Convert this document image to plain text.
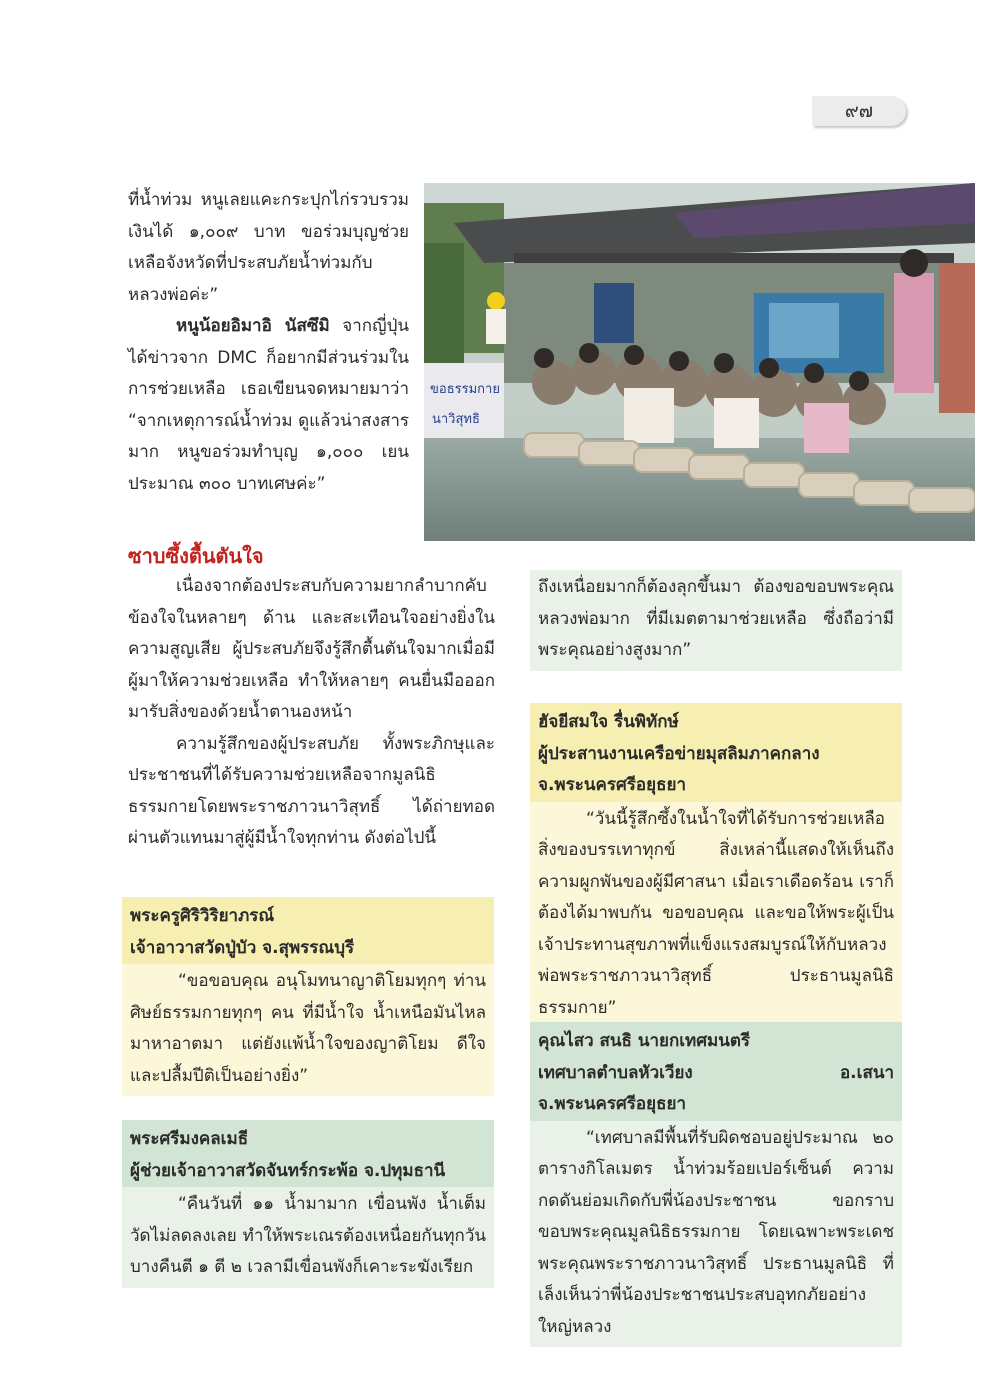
๙๗

ที่น้ำท่วม หนูเลยแคะกระปุกไก่รวบรวมเงินได้ ๑,๐๐๙ บาท ขอร่วมบุญช่วยเหลือจังหวัดที่ประสบภัยน้ำท่วมกับหลวงพ่อค่ะ”

หนูน้อยอิมาอิ นัสซึมิ จากญี่ปุ่นได้ข่าวจาก DMC ก็อยากมีส่วนร่วมในการช่วยเหลือ เธอเขียนจดหมายมาว่า “จากเหตุการณ์น้ำท่วม ดูแล้วน่าสงสารมาก หนูขอร่วมทำบุญ ๑,๐๐๐ เยน ประมาณ ๓๐๐ บาทเศษค่ะ”

ขอธรรมกาย
นาวิสุทธิ
ซาบซึ้งตื้นตันใจ

เนื่องจากต้องประสบกับความยากลำบากคับข้องใจในหลายๆ ด้าน และสะเทือนใจอย่างยิ่งในความสูญเสีย ผู้ประสบภัยจึงรู้สึกตื้นตันใจมากเมื่อมีผู้มาให้ความช่วยเหลือ ทำให้หลายๆ คนยื่นมือออกมารับสิ่งของด้วยน้ำตานองหน้า

ความรู้สึกของผู้ประสบภัย ทั้งพระภิกษุและประชาชนที่ได้รับความช่วยเหลือจากมูลนิธิธรรมกายโดยพระราชภาวนาวิสุทธิ์ ได้ถ่ายทอดผ่านตัวแทนมาสู่ผู้มีน้ำใจทุกท่าน ดังต่อไปนี้

พระครูศิริวิริยาภรณ์

เจ้าอาวาสวัดปู่บัว จ.สุพรรณบุรี

“ขอขอบคุณ อนุโมทนาญาติโยมทุกๆ ท่าน ศิษย์ธรรมกายทุกๆ คน ที่มีน้ำใจ น้ำเหนือมันไหลมาหาอาตมา แต่ยังแพ้น้ำใจของญาติโยม ดีใจและปลื้มปีติเป็นอย่างยิ่ง”

พระศรีมงคลเมธี

ผู้ช่วยเจ้าอาวาสวัดจันทร์กระพ้อ จ.ปทุมธานี

“คืนวันที่ ๑๑ น้ำมามาก เขื่อนพัง น้ำเต็มวัดไม่ลดลงเลย ทำให้พระเณรต้องเหนื่อยกันทุกวัน บางคืนตี ๑ ตี ๒ เวลามีเขื่อนพังก็เคาะระฆังเรียก

ถึงเหนื่อยมากก็ต้องลุกขึ้นมา ต้องขอขอบพระคุณหลวงพ่อมาก ที่มีเมตตามาช่วยเหลือ ซึ่งถือว่ามีพระคุณอย่างสูงมาก”

ฮัจยีสมใจ รื่นพิทักษ์

ผู้ประสานงานเครือข่ายมุสลิมภาคกลาง

จ.พระนครศรีอยุธยา

“วันนี้รู้สึกซึ้งในน้ำใจที่ได้รับการช่วยเหลือสิ่งของบรรเทาทุกข์ สิ่งเหล่านี้แสดงให้เห็นถึงความผูกพันของผู้มีศาสนา เมื่อเราเดือดร้อน เราก็ต้องได้มาพบกัน ขอขอบคุณ และขอให้พระผู้เป็นเจ้าประทานสุขภาพที่แข็งแรงสมบูรณ์ให้กับหลวงพ่อพระราชภาวนาวิสุทธิ์ ประธานมูลนิธิธรรมกาย”

คุณไสว สนธิ นายกเทศมนตรี

เทศบาลตำบลหัวเวียง อ.เสนา จ.พระนครศรีอยุธยา

“เทศบาลมีพื้นที่รับผิดชอบอยู่ประมาณ ๒๐ ตารางกิโลเมตร น้ำท่วมร้อยเปอร์เซ็นต์ ความกดดันย่อมเกิดกับพี่น้องประชาชน ขอกราบขอบพระคุณมูลนิธิธรรมกาย โดยเฉพาะพระเดชพระคุณพระราชภาวนาวิสุทธิ์ ประธานมูลนิธิ ที่เล็งเห็นว่าพี่น้องประชาชนประสบอุทกภัยอย่างใหญ่หลวง
